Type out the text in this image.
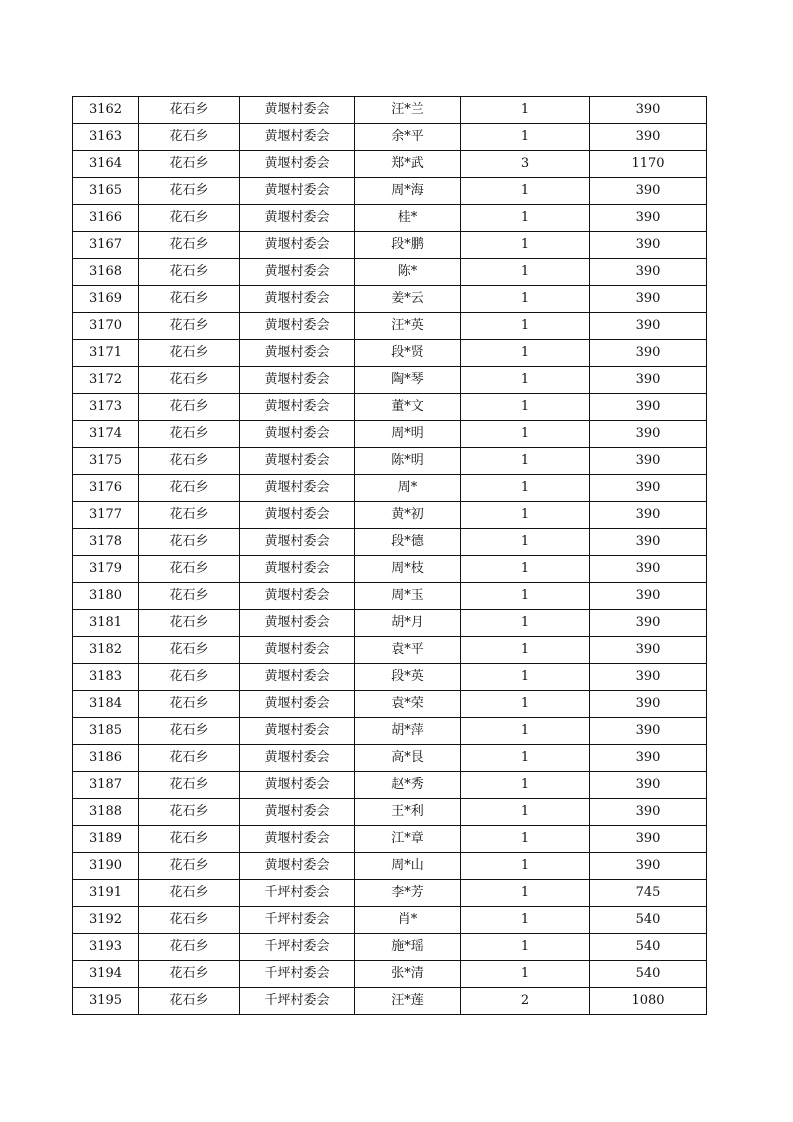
3162	花石乡	黄堰村委会	汪*兰	1	390
3163	花石乡	黄堰村委会	余*平	1	390
3164	花石乡	黄堰村委会	郑*武	3	1170
3165	花石乡	黄堰村委会	周*海	1	390
3166	花石乡	黄堰村委会	桂*	1	390
3167	花石乡	黄堰村委会	段*鹏	1	390
3168	花石乡	黄堰村委会	陈*	1	390
3169	花石乡	黄堰村委会	姜*云	1	390
3170	花石乡	黄堰村委会	汪*英	1	390
3171	花石乡	黄堰村委会	段*贤	1	390
3172	花石乡	黄堰村委会	陶*琴	1	390
3173	花石乡	黄堰村委会	董*文	1	390
3174	花石乡	黄堰村委会	周*明	1	390
3175	花石乡	黄堰村委会	陈*明	1	390
3176	花石乡	黄堰村委会	周*	1	390
3177	花石乡	黄堰村委会	黄*初	1	390
3178	花石乡	黄堰村委会	段*德	1	390
3179	花石乡	黄堰村委会	周*枝	1	390
3180	花石乡	黄堰村委会	周*玉	1	390
3181	花石乡	黄堰村委会	胡*月	1	390
3182	花石乡	黄堰村委会	袁*平	1	390
3183	花石乡	黄堰村委会	段*英	1	390
3184	花石乡	黄堰村委会	袁*荣	1	390
3185	花石乡	黄堰村委会	胡*萍	1	390
3186	花石乡	黄堰村委会	高*艮	1	390
3187	花石乡	黄堰村委会	赵*秀	1	390
3188	花石乡	黄堰村委会	王*利	1	390
3189	花石乡	黄堰村委会	江*章	1	390
3190	花石乡	黄堰村委会	周*山	1	390
3191	花石乡	千坪村委会	李*芳	1	745
3192	花石乡	千坪村委会	肖*	1	540
3193	花石乡	千坪村委会	施*瑶	1	540
3194	花石乡	千坪村委会	张*清	1	540
3195	花石乡	千坪村委会	汪*莲	2	1080
